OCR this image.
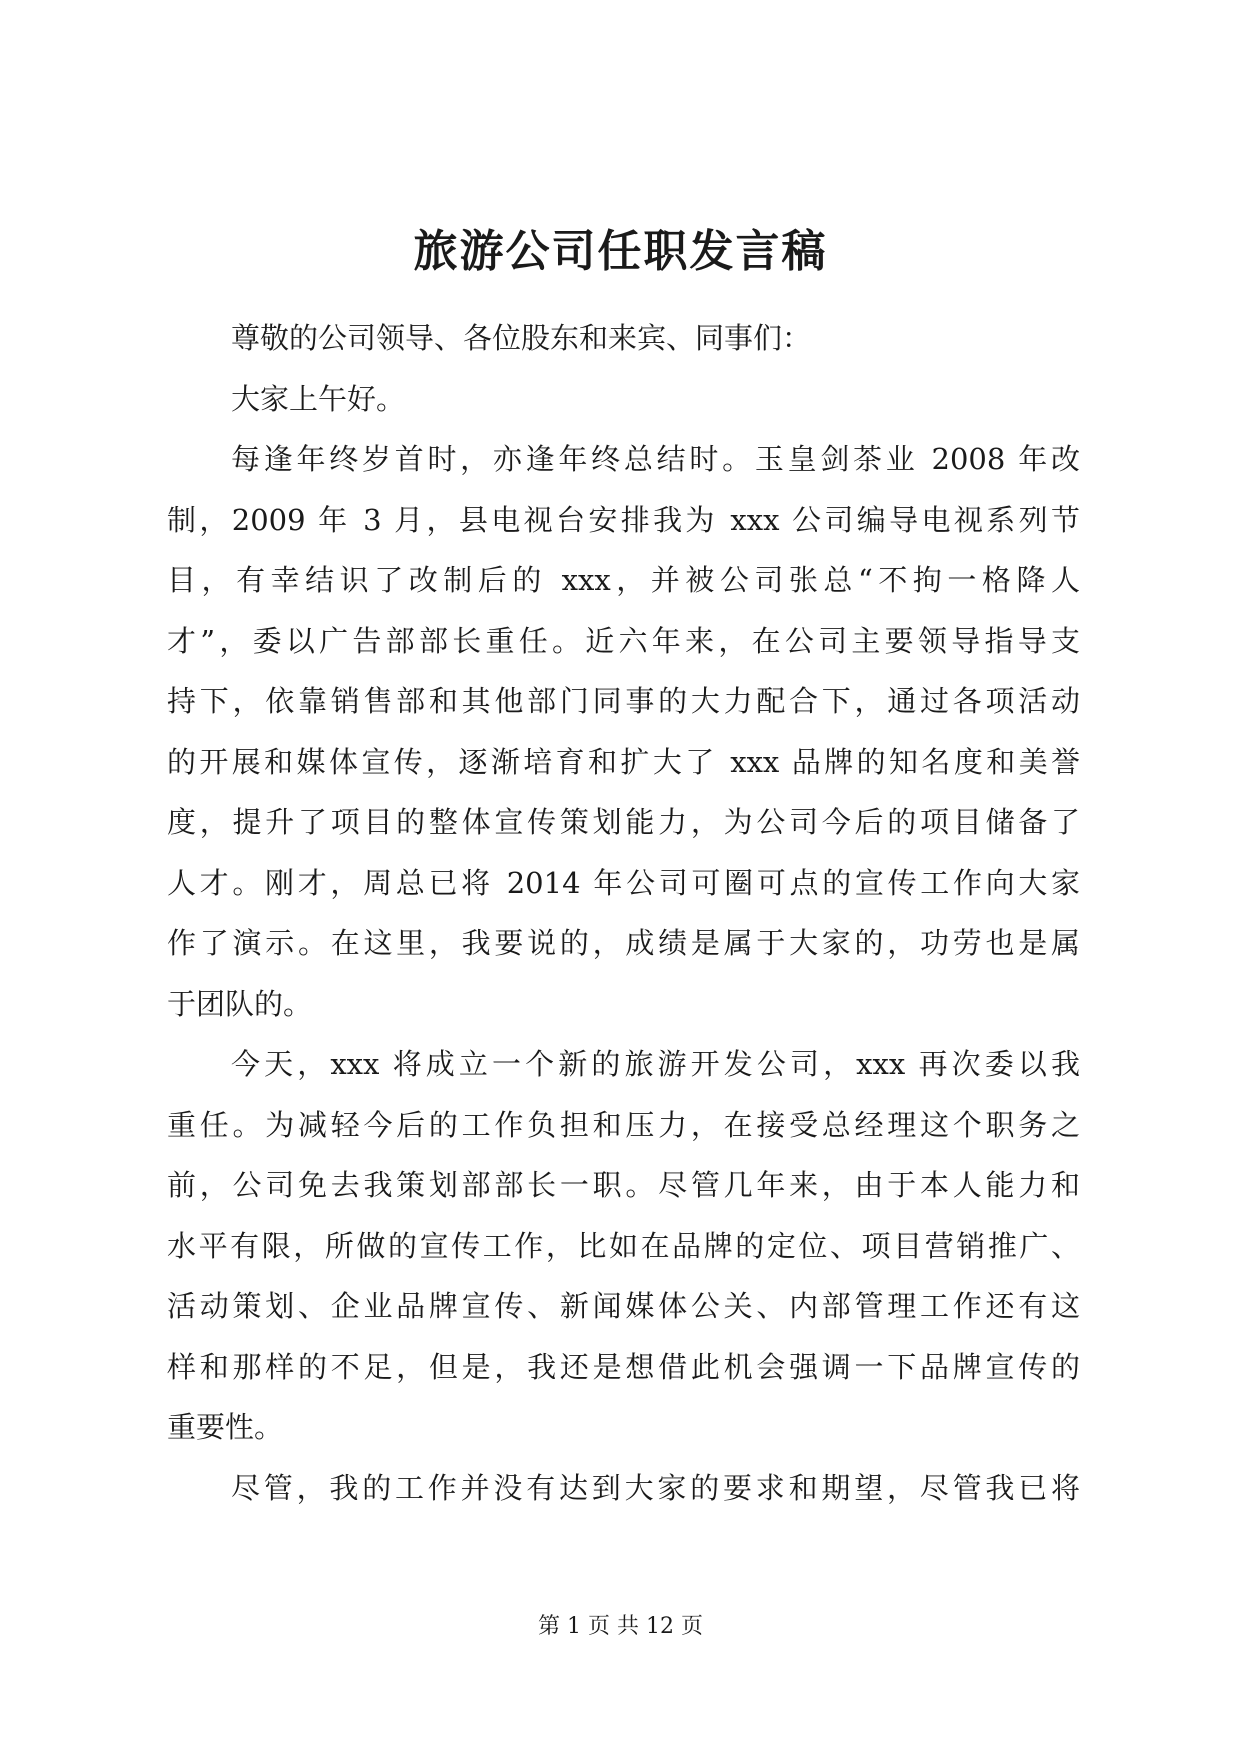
旅游公司任职发言稿
尊敬的公司领导、各位股东和来宾、同事们：
大家上午好。
每逢年终岁首时，亦逢年终总结时。玉皇剑茶业 2008 年改
制，2009 年 3 月，县电视台安排我为 xxx 公司编导电视系列节
目，有幸结识了改制后的 xxx，并被公司张总“不拘一格降人
才”，委以广告部部长重任。近六年来，在公司主要领导指导支
持下，依靠销售部和其他部门同事的大力配合下，通过各项活动
的开展和媒体宣传，逐渐培育和扩大了 xxx 品牌的知名度和美誉
度，提升了项目的整体宣传策划能力，为公司今后的项目储备了
人才。刚才，周总已将 2014 年公司可圈可点的宣传工作向大家
作了演示。在这里，我要说的，成绩是属于大家的，功劳也是属
于团队的。
今天，xxx 将成立一个新的旅游开发公司，xxx 再次委以我
重任。为减轻今后的工作负担和压力，在接受总经理这个职务之
前，公司免去我策划部部长一职。尽管几年来，由于本人能力和
水平有限，所做的宣传工作，比如在品牌的定位、项目营销推广、
活动策划、企业品牌宣传、新闻媒体公关、内部管理工作还有这
样和那样的不足，但是，我还是想借此机会强调一下品牌宣传的
重要性。
尽管，我的工作并没有达到大家的要求和期望，尽管我已将
第 1 页 共 12 页
